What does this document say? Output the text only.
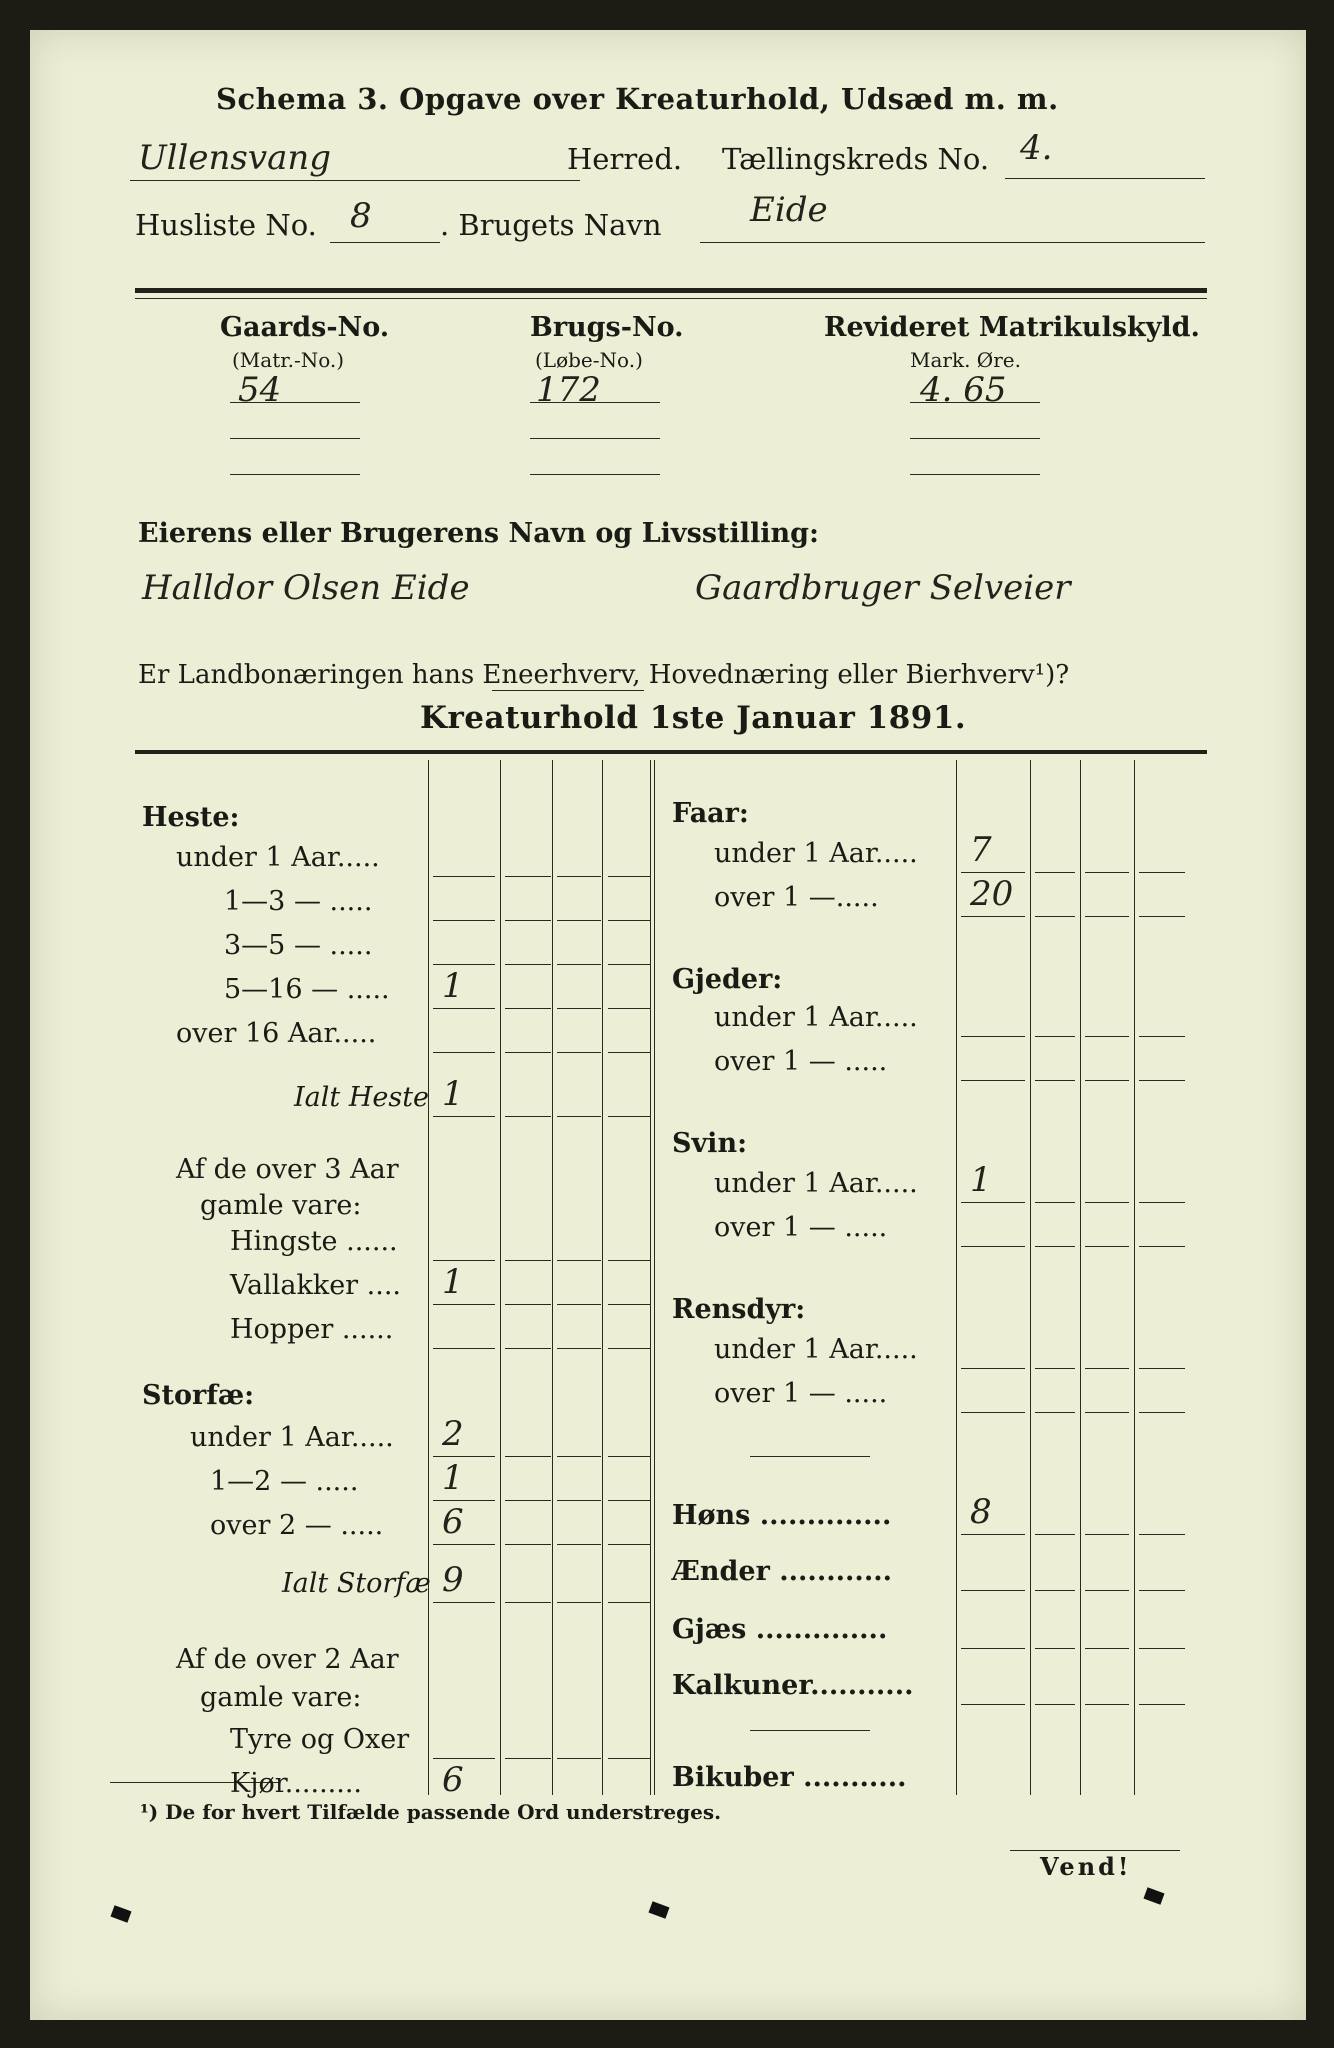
Schema 3. Opgave over Kreaturhold, Udsæd m. m.
Ullensvang	Herred. Tællingskreds No. 4.
Husliste No. 8 . Brugets Navn	Eide
Gaards-No.
(Matr.-No.)
54
Brugs-No.
(Løbe-No.)
172
Revideret Matrikulskyld.
Mark. Øre.
4. 65
Eierens eller Brugerens Navn og Livsstilling:
Halldor Olsen Eide	Gaardbruger Selveier
Er Landbonæringen hans Eneerhverv, Hovednæring eller Bierhverv¹)?
Kreaturhold 1ste Januar 1891.
Heste:
¹) De for hvert Tilfælde passende Ord understreges.
Vend!
under 1 Aar.....
1—3 — .....
3—5 — .....
5—16 — ..... 1
over 16 Aar.....
Ialt Heste 1
Af de over 3 Aar
gamle vare:
Hingste ......
Vallakker .... 1
Hopper ......
Storfæ:
under 1 Aar..... 2
1—2 — ..... 1
over 2 — ..... 6
Ialt Storfæ 9
Af de over 2 Aar
gamle vare:
Tyre og Oxer
Kjør......... 6
Faar:
under 1 Aar..... 7
over 1 —.....	20
Gjeder:
under 1 Aar.....
over 1 — .....
Svin:
under 1 Aar..... 1
over 1 — .....
Rensdyr:
under 1 Aar.....
over 1 — .....
Høns .............. 8
Ænder ............
Gjæs ..............
Kalkuner...........
Bikuber ...........
